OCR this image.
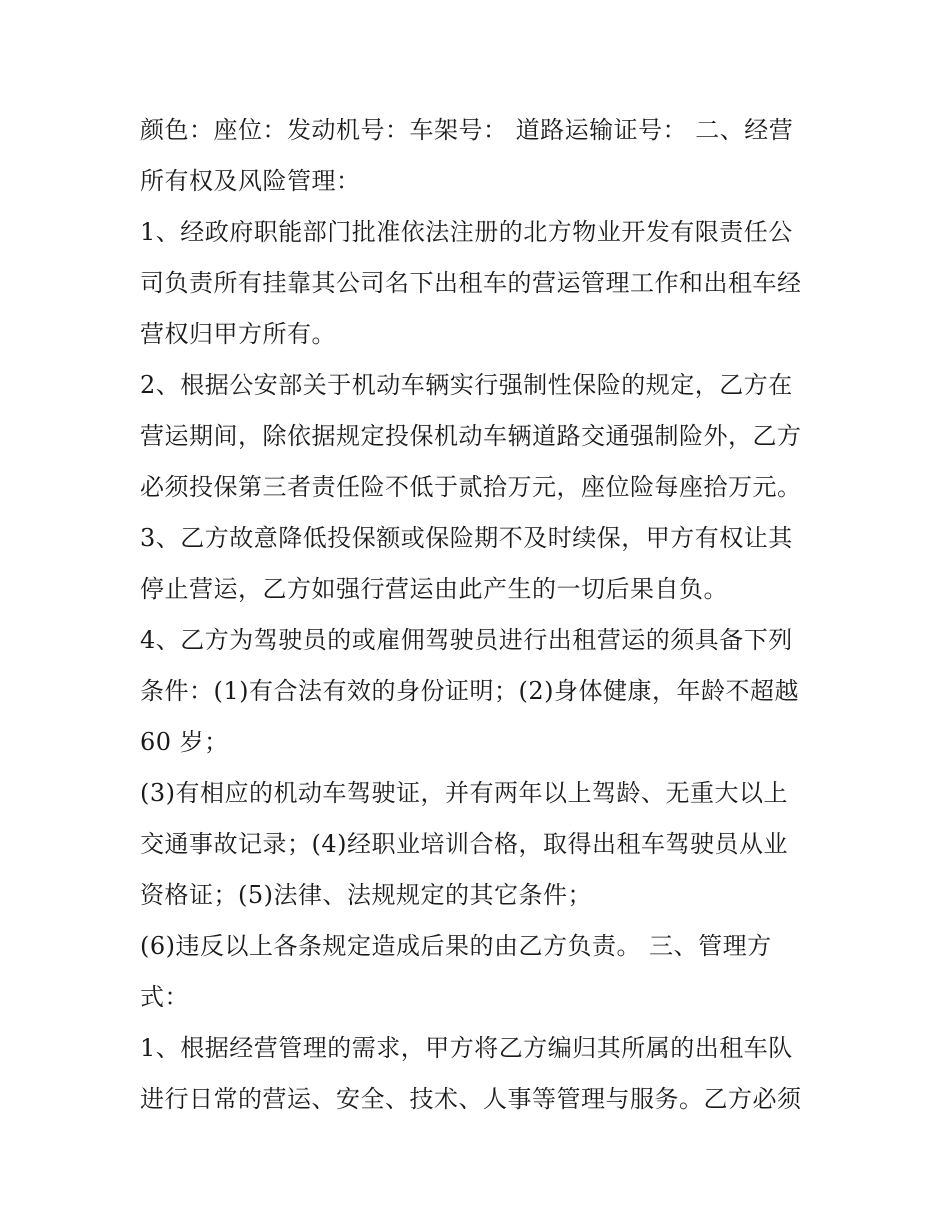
颜色：座位：发动机号：车架号： 道路运输证号： 二、经营
所有权及风险管理：
1、经政府职能部门批准依法注册的北方物业开发有限责任公
司负责所有挂靠其公司名下出租车的营运管理工作和出租车经
营权归甲方所有。
2、根据公安部关于机动车辆实行强制性保险的规定，乙方在
营运期间，除依据规定投保机动车辆道路交通强制险外，乙方
必须投保第三者责任险不低于贰拾万元，座位险每座拾万元。
3、乙方故意降低投保额或保险期不及时续保，甲方有权让其
停止营运，乙方如强行营运由此产生的一切后果自负。
4、乙方为驾驶员的或雇佣驾驶员进行出租营运的须具备下列
条件：(1)有合法有效的身份证明；(2)身体健康，年龄不超越
60 岁；
(3)有相应的机动车驾驶证，并有两年以上驾龄、无重大以上
交通事故记录；(4)经职业培训合格，取得出租车驾驶员从业
资格证；(5)法律、法规规定的其它条件；
(6)违反以上各条规定造成后果的由乙方负责。 三、管理方
式：
1、根据经营管理的需求，甲方将乙方编归其所属的出租车队
进行日常的营运、安全、技术、人事等管理与服务。乙方必须
